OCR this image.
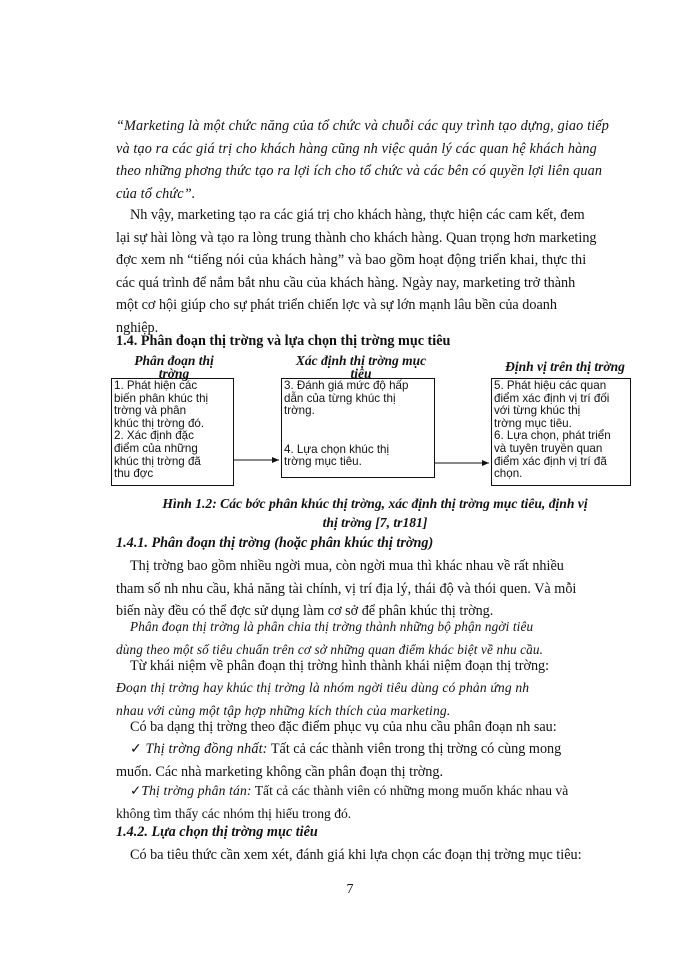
“Marketing là một chức năng của tổ chức và chuỗi các quy trình tạo dựng, giao tiếp

và tạo ra các giá trị cho khách hàng cũng nh việc quản lý các quan hệ khách hàng

theo những phơng thức tạo ra lợi ích cho tổ chức và các bên có quyền lợi liên quan

của tổ chức”.

Nh vậy, marketing tạo ra các giá trị cho khách hàng, thực hiện các cam kết, đem

lại sự hài lòng và tạo ra lòng trung thành cho khách hàng. Quan trọng hơn marketing

đợc xem nh “tiếng nói của khách hàng” và bao gồm hoạt động triển khai, thực thi

các quá trình để nắm bắt nhu cầu của khách hàng. Ngày nay, marketing trở thành

một cơ hội giúp cho sự phát triển chiến lợc và sự lớn mạnh lâu bền của doanh

nghiệp.

1.4. Phân đoạn thị trờng và lựa chọn thị trờng mục tiêu
Phân đoạn thị
trờng
Xác định thị trờng mục
tiêu	Định vị trên thị trờng
1. Phát hiện các
biến phân khúc thị
trờng và phân
khúc thị trờng đó.
2. Xác định đặc
điểm của những
khúc thị trờng đã
thu đợc
3. Đánh giá mức độ hấp
dẫn của từng khúc thị
trờng.
4. Lựa chọn khúc thị
trờng mục tiêu.
5. Phát hiệu các quan
điểm xác định vị trí đối
với từng khúc thị
trờng mục tiêu.
6. Lựa chọn, phát triển
và tuyên truyền quan
điểm xác định vị trí đã
chọn.
Hình 1.2: Các bớc phân khúc thị trờng, xác định thị trờng mục tiêu, định vị
thị trờng [7, tr181]
1.4.1. Phân đoạn thị trờng (hoặc phân khúc thị trờng)

Thị trờng bao gồm nhiều ngời mua, còn ngời mua thì khác nhau về rất nhiều

tham số nh nhu cầu, khả năng tài chính, vị trí địa lý, thái độ và thói quen. Và mỗi

biến này đều có thể đợc sử dụng làm cơ sở để phân khúc thị trờng.

Phân đoạn thị trờng là phân chia thị trờng thành những bộ phận ngời tiêu

dùng theo một số tiêu chuẩn trên cơ sở những quan điểm khác biệt về nhu cầu.

Từ khái niệm về phân đoạn thị trờng hình thành khái niệm đoạn thị trờng:

Đoạn thị trờng hay khúc thị trờng là nhóm ngời tiêu dùng có phản ứng nh

nhau với cùng một tập hợp những kích thích của marketing.

Có ba dạng thị trờng theo đặc điểm phục vụ của nhu cầu phân đoạn nh sau:

✓ Thị trờng đồng nhất: Tất cả các thành viên trong thị trờng có cùng mong

muốn. Các nhà marketing không cần phân đoạn thị trờng.

✓Thị trờng phân tán: Tất cả các thành viên có những mong muốn khác nhau và

không tìm thấy các nhóm thị hiếu trong đó.

1.4.2. Lựa chọn thị trờng mục tiêu

Có ba tiêu thức cần xem xét, đánh giá khi lựa chọn các đoạn thị trờng mục tiêu:

7
